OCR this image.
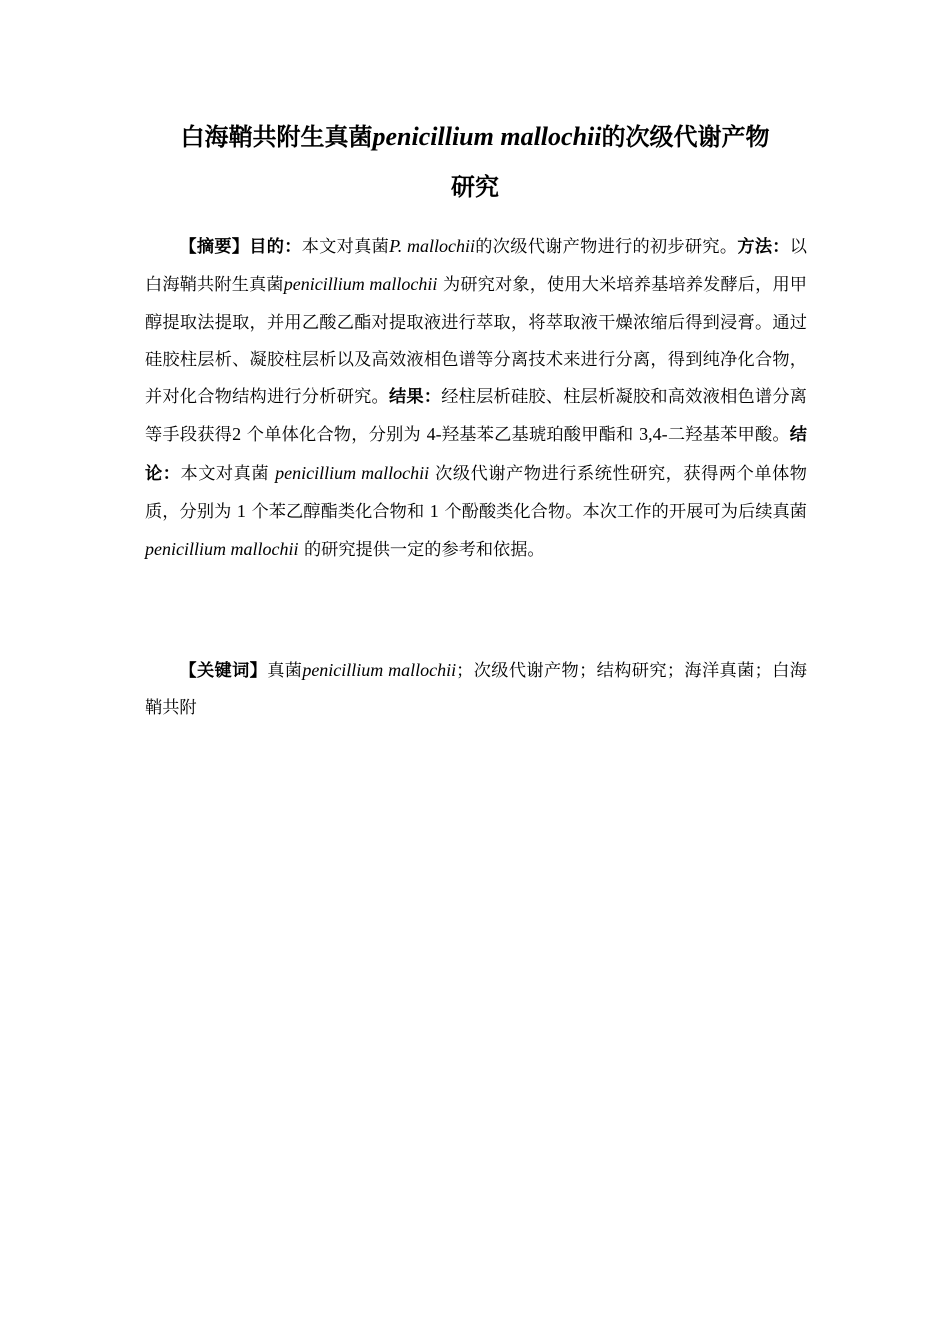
白海鞘共附生真菌penicillium mallochii的次级代谢产物
研究

【摘要】目的：本文对真菌P. mallochii的次级代谢产物进行的初步研究。方法：以白海鞘共附生真菌penicillium mallochii 为研究对象，使用大米培养基培养发酵后，用甲醇提取法提取，并用乙酸乙酯对提取液进行萃取，将萃取液干燥浓缩后得到浸膏。通过硅胶柱层析、凝胶柱层析以及高效液相色谱等分离技术来进行分离，得到纯净化合物，并对化合物结构进行分析研究。结果：经柱层析硅胶、柱层析凝胶和高效液相色谱分离等手段获得2 个单体化合物，分别为 4-羟基苯乙基琥珀酸甲酯和 3,4-二羟基苯甲酸。结论：本文对真菌 penicillium mallochii 次级代谢产物进行系统性研究，获得两个单体物质，分别为 1 个苯乙醇酯类化合物和 1 个酚酸类化合物。本次工作的开展可为后续真菌penicillium mallochii 的研究提供一定的参考和依据。

【关键词】真菌penicillium mallochii；次级代谢产物；结构研究；海洋真菌；白海鞘共附
